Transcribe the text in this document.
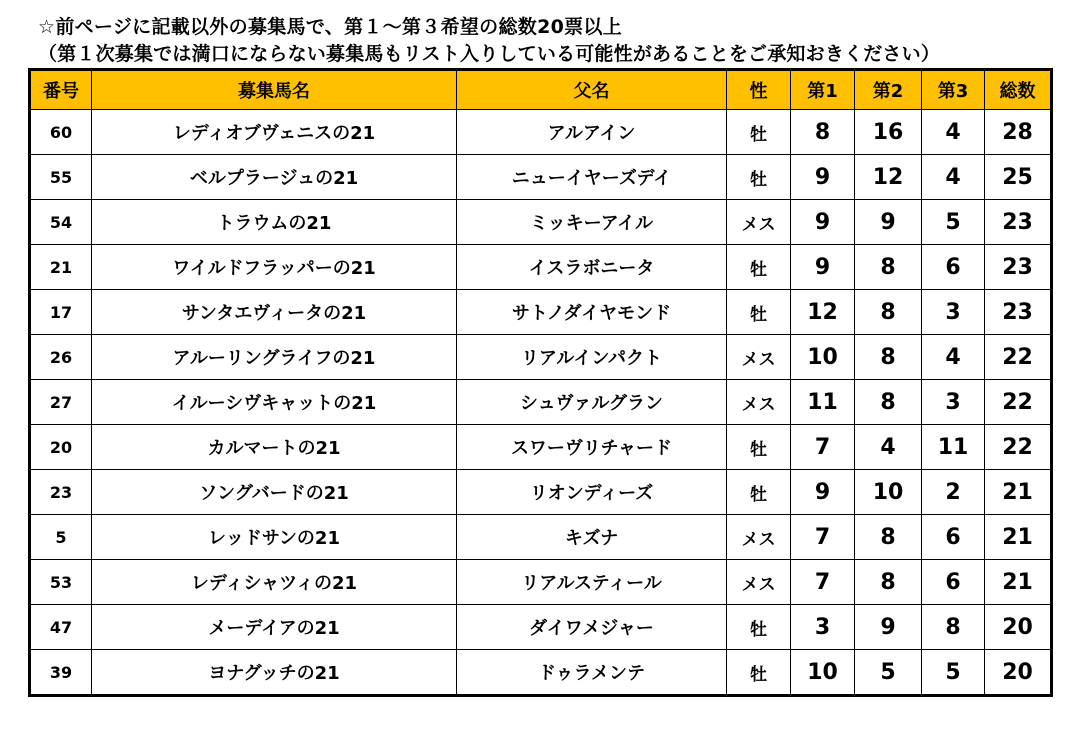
☆前ページに記載以外の募集馬で、第１～第３希望の総数20票以上
（第１次募集では満口にならない募集馬もリスト入りしている可能性があることをご承知おきください）
番号	募集馬名	父名	性	第1	第2	第3	総数
60	レディオブヴェニスの21	アルアイン	牡	8	16	4	28
55	ベルプラージュの21	ニューイヤーズデイ	牡	9	12	4	25
54	トラウムの21	ミッキーアイル	メス	9	9	5	23
21	ワイルドフラッパーの21	イスラボニータ	牡	9	8	6	23
17	サンタエヴィータの21	サトノダイヤモンド	牡	12	8	3	23
26	アルーリングライフの21	リアルインパクト	メス	10	8	4	22
27	イルーシヴキャットの21	シュヴァルグラン	メス	11	8	3	22
20	カルマートの21	スワーヴリチャード	牡	7	4	11	22
23	ソングバードの21	リオンディーズ	牡	9	10	2	21
5	レッドサンの21	キズナ	メス	7	8	6	21
53	レディシャツィの21	リアルスティール	メス	7	8	6	21
47	メーデイアの21	ダイワメジャー	牡	3	9	8	20
39	ヨナグッチの21	ドゥラメンテ	牡	10	5	5	20
